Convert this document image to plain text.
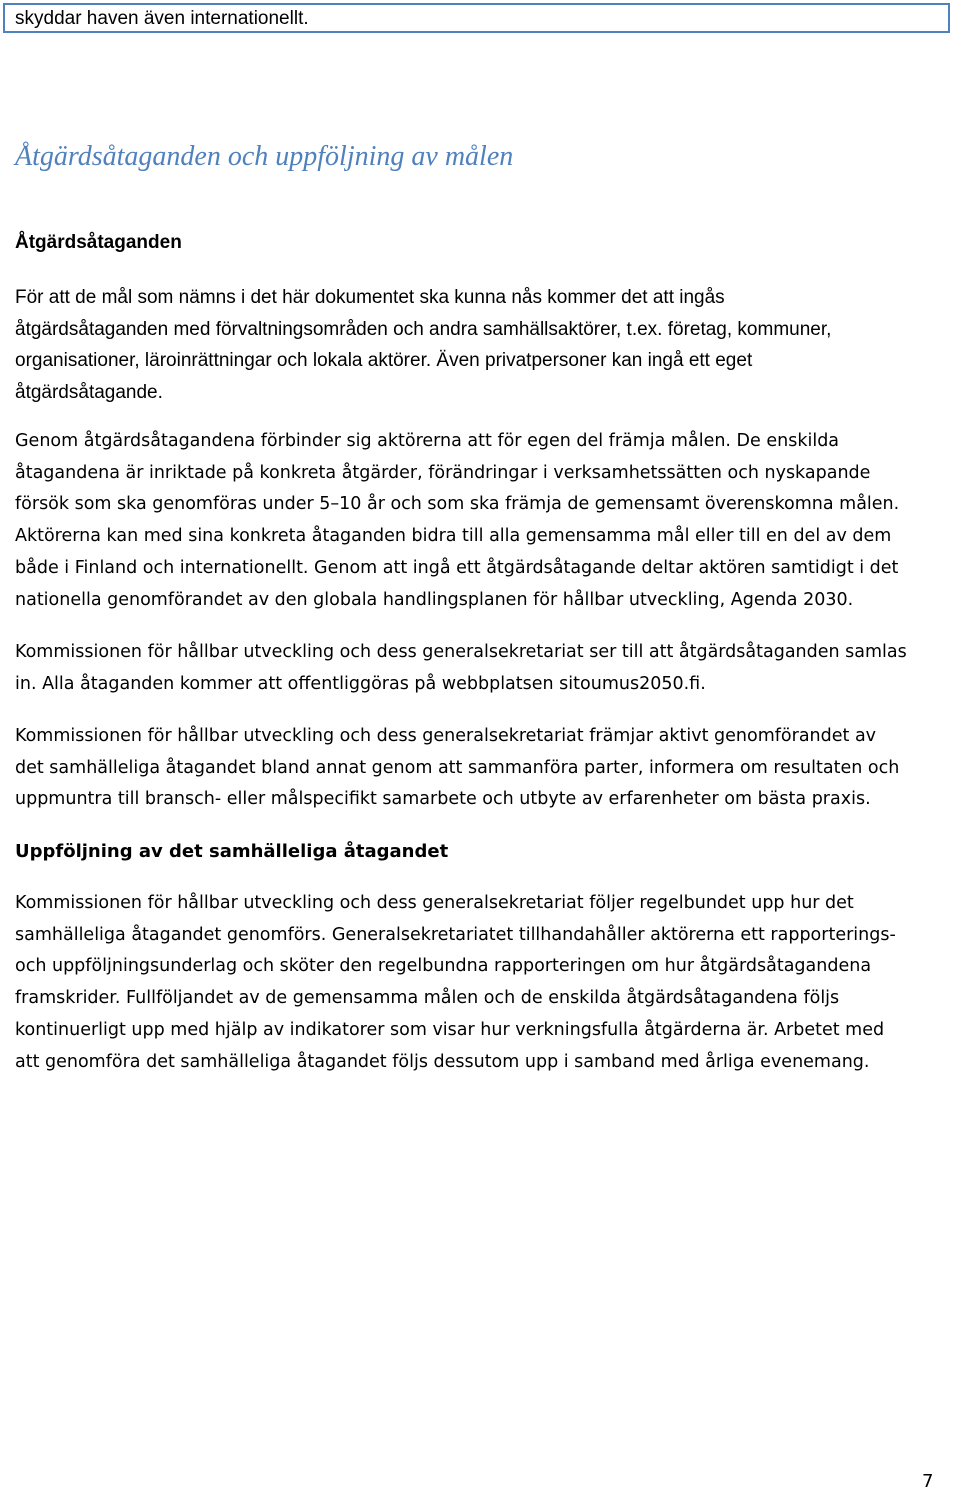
skyddar haven även internationellt.
Åtgärdsåtaganden och uppföljning av målen
Åtgärdsåtaganden
För att de mål som nämns i det här dokumentet ska kunna nås kommer det att ingås
åtgärdsåtaganden med förvaltningsområden och andra samhällsaktörer, t.ex. företag, kommuner,
organisationer, läroinrättningar och lokala aktörer. Även privatpersoner kan ingå ett eget
åtgärdsåtagande.
Genom åtgärdsåtagandena förbinder sig aktörerna att för egen del främja målen. De enskilda
åtagandena är inriktade på konkreta åtgärder, förändringar i verksamhetssätten och nyskapande
försök som ska genomföras under 5–10 år och som ska främja de gemensamt överenskomna målen.
Aktörerna kan med sina konkreta åtaganden bidra till alla gemensamma mål eller till en del av dem
både i Finland och internationellt. Genom att ingå ett åtgärdsåtagande deltar aktören samtidigt i det
nationella genomförandet av den globala handlingsplanen för hållbar utveckling, Agenda 2030.
Kommissionen för hållbar utveckling och dess generalsekretariat ser till att åtgärdsåtaganden samlas
in. Alla åtaganden kommer att offentliggöras på webbplatsen sitoumus2050.fi.
Kommissionen för hållbar utveckling och dess generalsekretariat främjar aktivt genomförandet av
det samhälleliga åtagandet bland annat genom att sammanföra parter, informera om resultaten och
uppmuntra till bransch- eller målspecifikt samarbete och utbyte av erfarenheter om bästa praxis.
Uppföljning av det samhälleliga åtagandet
Kommissionen för hållbar utveckling och dess generalsekretariat följer regelbundet upp hur det
samhälleliga åtagandet genomförs. Generalsekretariatet tillhandahåller aktörerna ett rapporterings-
och uppföljningsunderlag och sköter den regelbundna rapporteringen om hur åtgärdsåtagandena
framskrider. Fullföljandet av de gemensamma målen och de enskilda åtgärdsåtagandena följs
kontinuerligt upp med hjälp av indikatorer som visar hur verkningsfulla åtgärderna är. Arbetet med
att genomföra det samhälleliga åtagandet följs dessutom upp i samband med årliga evenemang.
7
